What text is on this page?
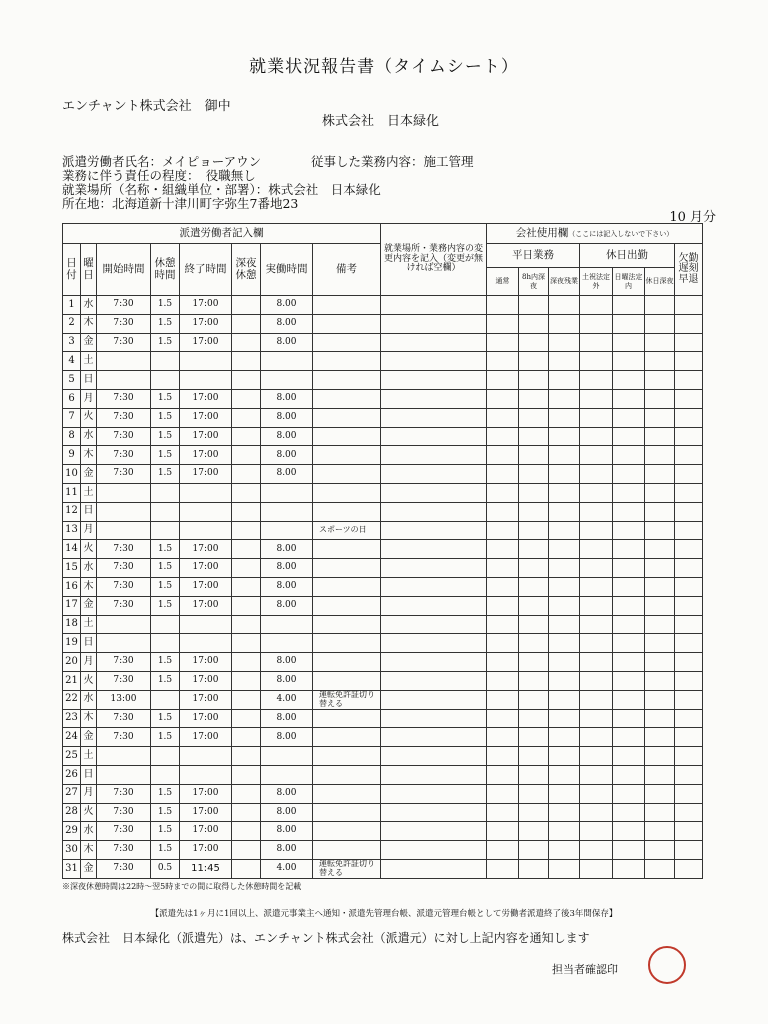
就業状況報告書（タイムシート）
エンチャント株式会社　御中
株式会社　日本緑化
派遣労働者氏名：メイピョーアウン	従事した業務内容：施工管理
業務に伴う責任の程度：　役職無し
就業場所（名称・組織単位・部署）：株式会社　日本緑化
所在地：北海道新十津川町字弥生7番地23
10 月分
派遣労働者記入欄								就業場所・業務内容の変更内容を記入（変更が無ければ空欄）	会社使用欄（ここには記入しないで下さい）						
日付	曜日	開始時間	休憩時間	終了時間	深夜休憩	実働時間	備考		平日業務			休日出勤			欠勤遅刻早退
									通常	8h内深夜	深夜残業	土祝法定外	日曜法定内	休日深夜	
1	水	7:30	1.5	17:00		8.00									
2	木	7:30	1.5	17:00		8.00									
3	金	7:30	1.5	17:00		8.00									
4	土														
5	日														
6	月	7:30	1.5	17:00		8.00									
7	火	7:30	1.5	17:00		8.00									
8	水	7:30	1.5	17:00		8.00									
9	木	7:30	1.5	17:00		8.00									
10	金	7:30	1.5	17:00		8.00									
11	土														
12	日														
13	月						スポーツの日								
14	火	7:30	1.5	17:00		8.00									
15	水	7:30	1.5	17:00		8.00									
16	木	7:30	1.5	17:00		8.00									
17	金	7:30	1.5	17:00		8.00									
18	土														
19	日														
20	月	7:30	1.5	17:00		8.00									
21	火	7:30	1.5	17:00		8.00									
22	水	13:00		17:00		4.00	運転免許証切り替える								
23	木	7:30	1.5	17:00		8.00									
24	金	7:30	1.5	17:00		8.00									
25	土														
26	日														
27	月	7:30	1.5	17:00		8.00									
28	火	7:30	1.5	17:00		8.00									
29	水	7:30	1.5	17:00		8.00									
30	木	7:30	1.5	17:00		8.00									
31	金	7:30	0.5	11:45		4.00	運転免許証切り替える								
※深夜休憩時間は22時～翌5時までの間に取得した休憩時間を記載
【派遣先は1ヶ月に1回以上、派遣元事業主へ通知・派遣先管理台帳、派遣元管理台帳として労働者派遣終了後3年間保存】
株式会社　日本緑化（派遣先）は、エンチャント株式会社（派遣元）に対し上記内容を通知します
担当者確認印
